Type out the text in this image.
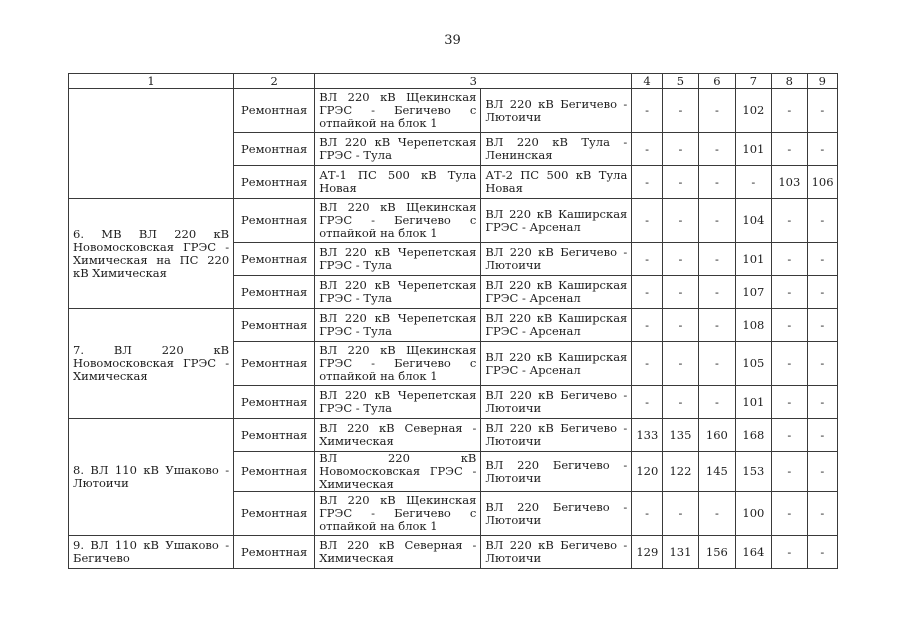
39
1	2	3		4	5	6	7	8	9
	Ремонтная	ВЛ 220 кВ Щекинская ГРЭС - Бегичево с отпайкой на блок 1	ВЛ 220 кВ Бегичево - Лютоичи	-	-	-	102	-	-
	Ремонтная	ВЛ 220 кВ Черепетская ГРЭС - Тула	ВЛ 220 кВ Тула - Ленинская	-	-	-	101	-	-
	Ремонтная	АТ-1 ПС 500 кВ Тула Новая	АТ-2 ПС 500 кВ Тула Новая	-	-	-	-	103	106
6. МВ ВЛ 220 кВ Новомосковская ГРЭС - Химическая на ПС 220 кВ Химическая	Ремонтная	ВЛ 220 кВ Щекинская ГРЭС - Бегичево с отпайкой на блок 1	ВЛ 220 кВ Каширская ГРЭС - Арсенал	-	-	-	104	-	-
	Ремонтная	ВЛ 220 кВ Черепетская ГРЭС - Тула	ВЛ 220 кВ Бегичево - Лютоичи	-	-	-	101	-	-
	Ремонтная	ВЛ 220 кВ Черепетская ГРЭС - Тула	ВЛ 220 кВ Каширская ГРЭС - Арсенал	-	-	-	107	-	-
7. ВЛ 220 кВ Новомосковская ГРЭС - Химическая	Ремонтная	ВЛ 220 кВ Черепетская ГРЭС - Тула	ВЛ 220 кВ Каширская ГРЭС - Арсенал	-	-	-	108	-	-
	Ремонтная	ВЛ 220 кВ Щекинская ГРЭС - Бегичево с отпайкой на блок 1	ВЛ 220 кВ Каширская ГРЭС - Арсенал	-	-	-	105	-	-
	Ремонтная	ВЛ 220 кВ Черепетская ГРЭС - Тула	ВЛ 220 кВ Бегичево - Лютоичи	-	-	-	101	-	-
8. ВЛ 110 кВ Ушаково - Лютоичи	Ремонтная	ВЛ 220 кВ Северная - Химическая	ВЛ 220 кВ Бегичево - Лютоичи	133	135	160	168	-	-
	Ремонтная	ВЛ 220 кВ Новомосковская ГРЭС - Химическая	ВЛ 220 Бегичево - Лютоичи	120	122	145	153	-	-
	Ремонтная	ВЛ 220 кВ Щекинская ГРЭС - Бегичево с отпайкой на блок 1	ВЛ 220 Бегичево - Лютоичи	-	-	-	100	-	-
9. ВЛ 110 кВ Ушаково - Бегичево	Ремонтная	ВЛ 220 кВ Северная - Химическая	ВЛ 220 кВ Бегичево - Лютоичи	129	131	156	164	-	-
